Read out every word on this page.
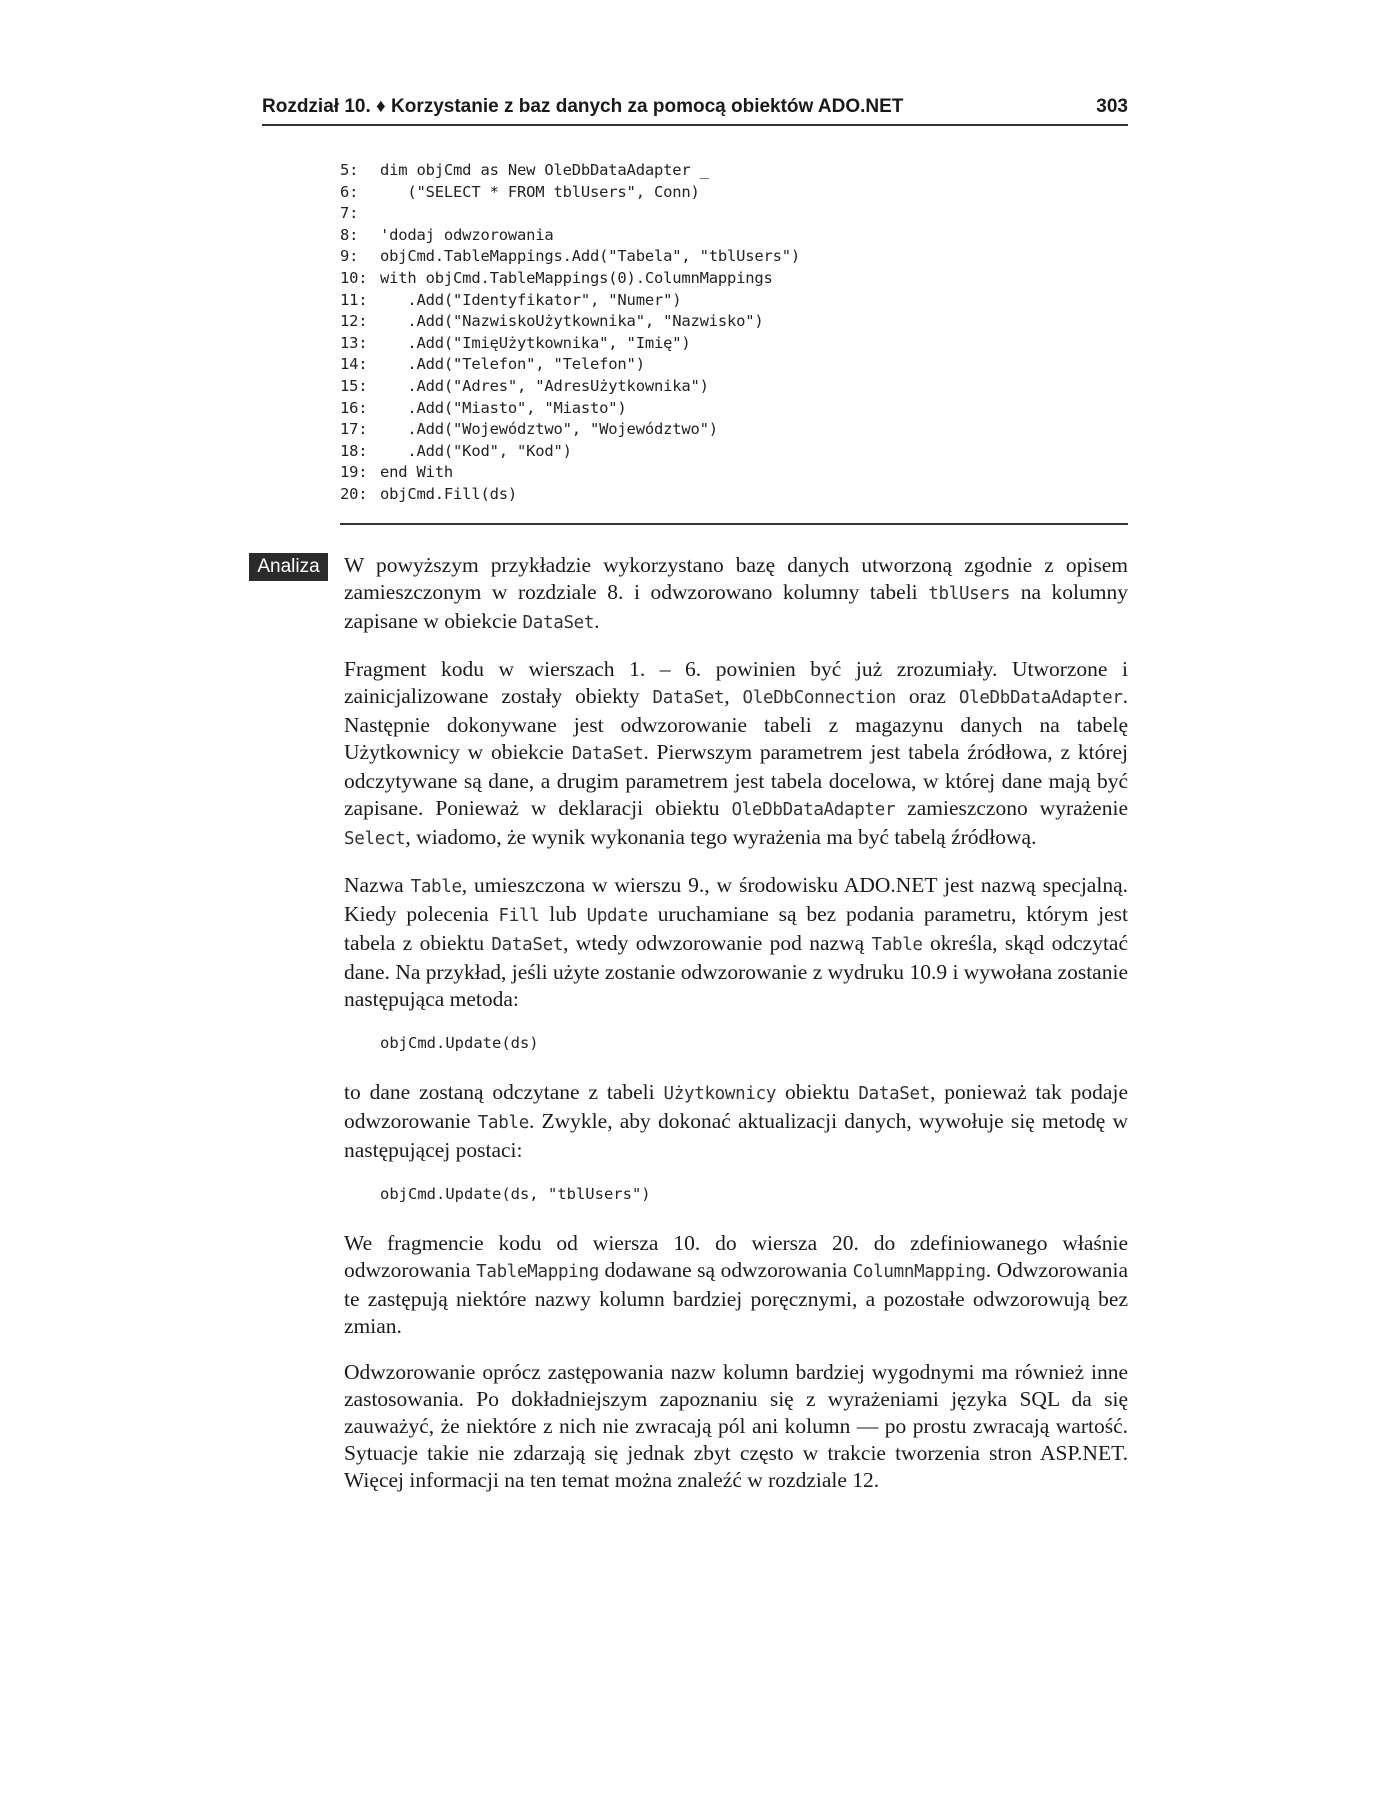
Rozdział 10. ♦ Korzystanie z baz danych za pomocą obiektów ADO.NET	303
5: dim objCmd as New OleDbDataAdapter _
6:   ("SELECT * FROM tblUsers", Conn)
7:
8: 'dodaj odwzorowania
9: objCmd.TableMappings.Add("Tabela", "tblUsers")
10: with objCmd.TableMappings(0).ColumnMappings
11:   .Add("Identyfikator", "Numer")
12:   .Add("NazwiskoUżytkownika", "Nazwisko")
13:   .Add("ImięUżytkownika", "Imię")
14:   .Add("Telefon", "Telefon")
15:   .Add("Adres", "AdresUżytkownika")
16:   .Add("Miasto", "Miasto")
17:   .Add("Województwo", "Województwo")
18:   .Add("Kod", "Kod")
19: end With
20: objCmd.Fill(ds)
Analiza	W powyższym przykładzie wykorzystano bazę danych utworzoną zgodnie z opisem zamieszczonym w rozdziale 8. i odwzorowano kolumny tabeli tblUsers na kolumny zapisane w obiekcie DataSet.

Fragment kodu w wierszach 1. – 6. powinien być już zrozumiały. Utworzone i zainicjalizowane zostały obiekty DataSet, OleDbConnection oraz OleDbDataAdapter. Następnie dokonywane jest odwzorowanie tabeli z magazynu danych na tabelę Użytkownicy w obiekcie DataSet. Pierwszym parametrem jest tabela źródłowa, z której odczytywane są dane, a drugim parametrem jest tabela docelowa, w której dane mają być zapisane. Ponieważ w deklaracji obiektu OleDbDataAdapter zamieszczono wyrażenie Select, wiadomo, że wynik wykonania tego wyrażenia ma być tabelą źródłową.

Nazwa Table, umieszczona w wierszu 9., w środowisku ADO.NET jest nazwą specjalną. Kiedy polecenia Fill lub Update uruchamiane są bez podania parametru, którym jest tabela z obiektu DataSet, wtedy odwzorowanie pod nazwą Table określa, skąd odczytać dane. Na przykład, jeśli użyte zostanie odwzorowanie z wydruku 10.9 i wywołana zostanie następująca metoda:

objCmd.Update(ds)

to dane zostaną odczytane z tabeli Użytkownicy obiektu DataSet, ponieważ tak podaje odwzorowanie Table. Zwykle, aby dokonać aktualizacji danych, wywołuje się metodę w następującej postaci:

objCmd.Update(ds, "tblUsers")

We fragmencie kodu od wiersza 10. do wiersza 20. do zdefiniowanego właśnie odwzorowania TableMapping dodawane są odwzorowania ColumnMapping. Odwzorowania te zastępują niektóre nazwy kolumn bardziej poręcznymi, a pozostałe odwzorowują bez zmian.

Odwzorowanie oprócz zastępowania nazw kolumn bardziej wygodnymi ma również inne zastosowania. Po dokładniejszym zapoznaniu się z wyrażeniami języka SQL da się zauważyć, że niektóre z nich nie zwracają pól ani kolumn — po prostu zwracają wartość. Sytuacje takie nie zdarzają się jednak zbyt często w trakcie tworzenia stron ASP.NET. Więcej informacji na ten temat można znaleźć w rozdziale 12.
